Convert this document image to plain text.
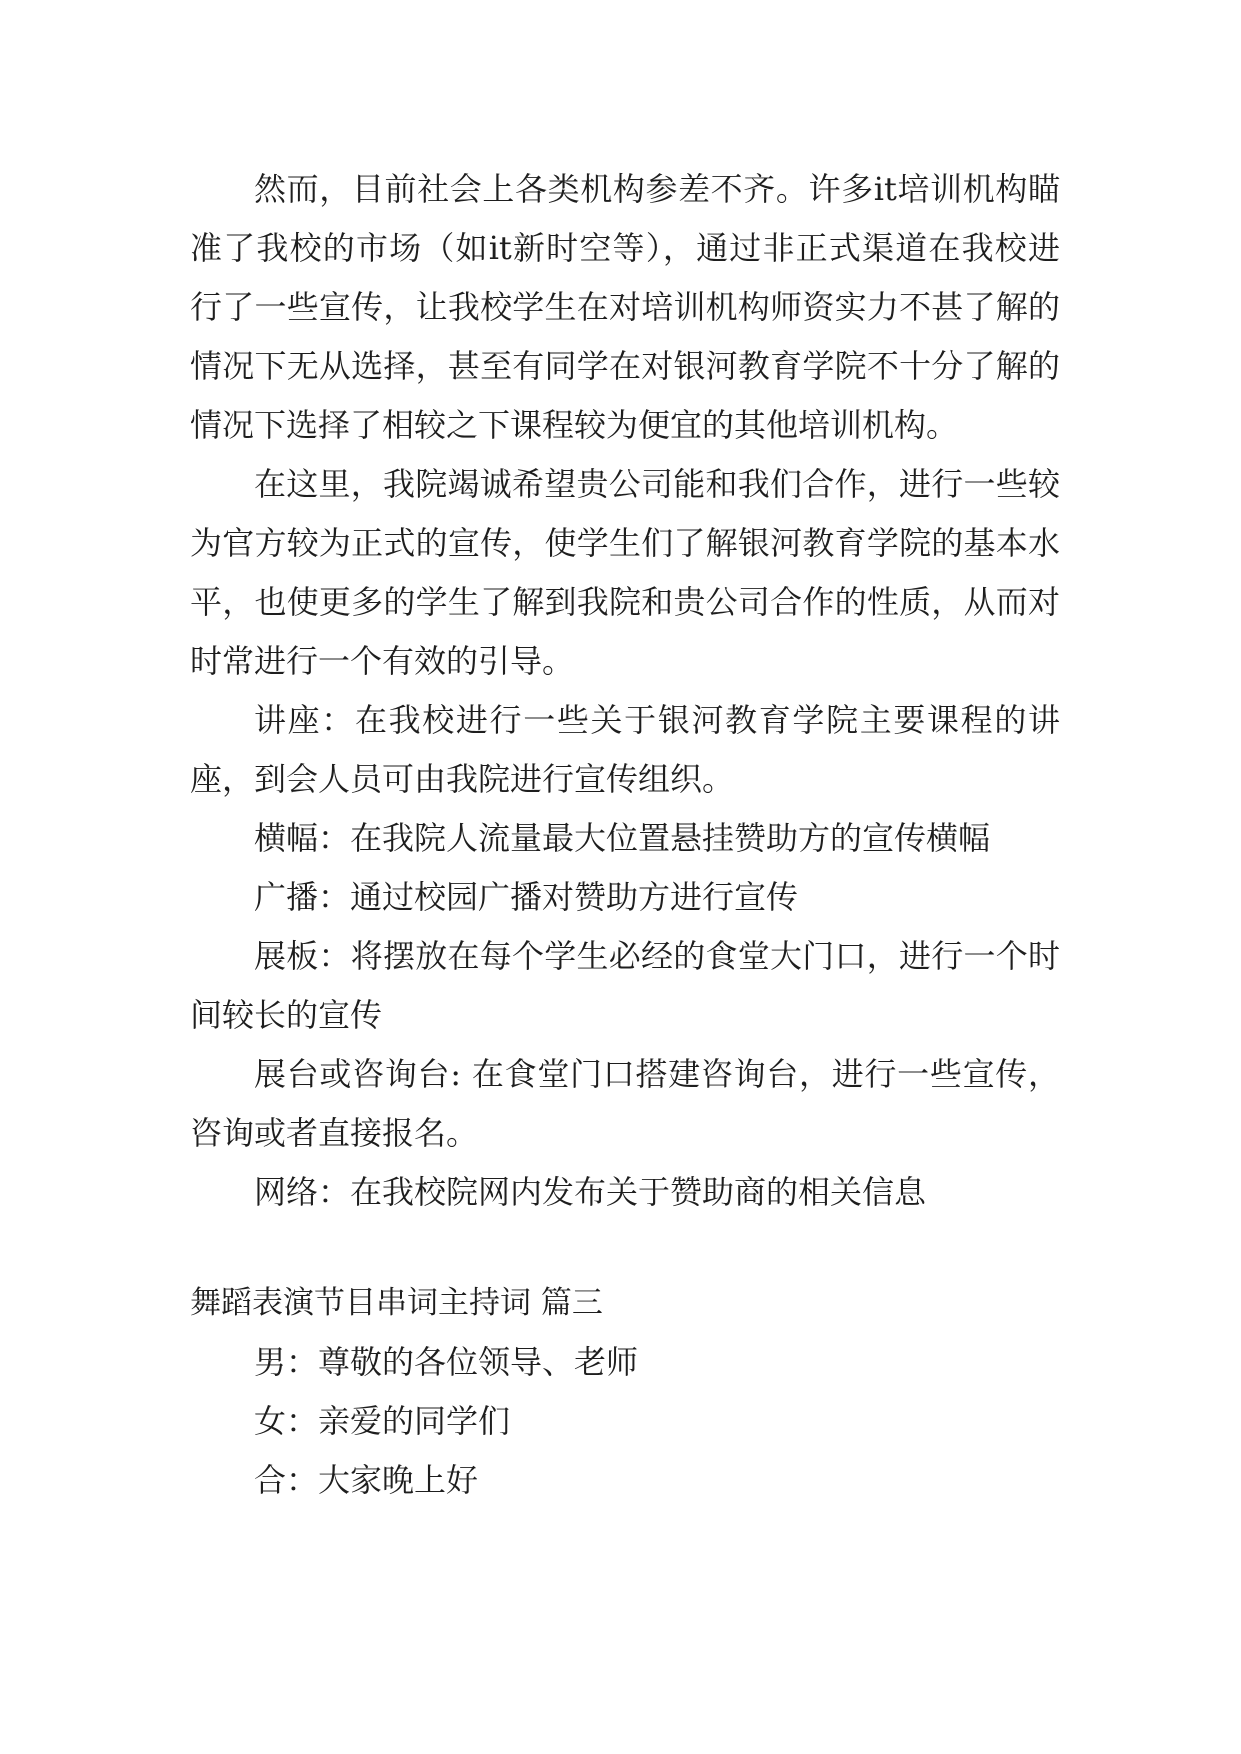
然而，目前社会上各类机构参差不齐。许多it培训机构瞄准了我校的市场（如it新时空等），通过非正式渠道在我校进行了一些宣传，让我校学生在对培训机构师资实力不甚了解的情况下无从选择，甚至有同学在对银河教育学院不十分了解的情况下选择了相较之下课程较为便宜的其他培训机构。

在这里，我院竭诚希望贵公司能和我们合作，进行一些较为官方较为正式的宣传，使学生们了解银河教育学院的基本水平，也使更多的学生了解到我院和贵公司合作的性质，从而对时常进行一个有效的引导。

讲座：在我校进行一些关于银河教育学院主要课程的讲座，到会人员可由我院进行宣传组织。

横幅：在我院人流量最大位置悬挂赞助方的宣传横幅

广播：通过校园广播对赞助方进行宣传

展板：将摆放在每个学生必经的食堂大门口，进行一个时间较长的宣传

展台或咨询台: 在食堂门口搭建咨询台，进行一些宣传，咨询或者直接报名。

网络：在我校院网内发布关于赞助商的相关信息

舞蹈表演节目串词主持词 篇三

男：尊敬的各位领导、老师

女：亲爱的同学们

合：大家晚上好
